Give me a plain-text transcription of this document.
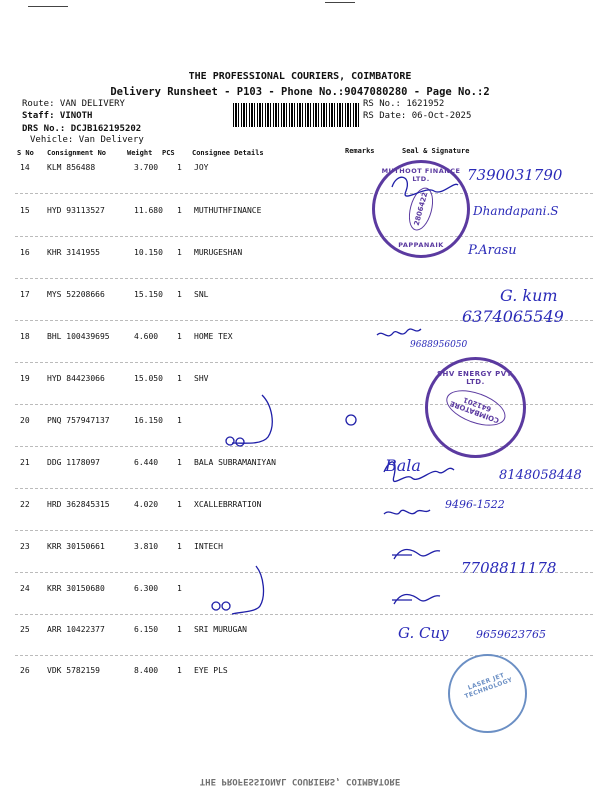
THE PROFESSIONAL COURIERS, COIMBATORE
Delivery Runsheet - P103 - Phone No.:9047080280 - Page No.:2
Route: VAN DELIVERY
Staff: VINOTH
DRS No.: DCJB162195202
Vehicle: Van Delivery
RS No.: 1621952
RS Date: 06-Oct-2025
S No Consignment No	Weight PCS Consignee Details	Remarks	Seal & Signature
14 KLM 856488	3.700 1 JOY
15 HYD 93113527	11.680 1 MUTHUTHFINANCE
16 KHR 3141955	10.150 1 MURUGESHAN
17 MYS 52208666	15.150 1 SNL
18 BHL 100439695	4.600 1 HOME TEX
19 HYD 84423066	15.050 1 SHV
20 PNQ 757947137	16.150 1
21 DDG 1178097	6.440 1 BALA SUBRAMANIYAN
22 HRD 362845315	4.020 1 XCALLEBRRATION
23 KRR 30150661	3.810 1 INTECH
24 KRR 30150680	6.300 1
25 ARR 10422377	6.150 1 SRI MURUGAN
26 VDK 5782159	8.400 1 EYE PLS
MUTHOOT FINANCE LTD.
2806422
PAPPANAIK
SHV ENERGY PVT. LTD.
COIMBATORE 641201
LASER JET TECHNOLOGY
7390031790
Dhandapani.S
P.Arasu
G. kum
6374065549
9688956050
Bala
8148058448
9496-1522
7708811178
G. Cuy 9659623765
THE PROFESSIONAL COURIERS, COIMBATORE
